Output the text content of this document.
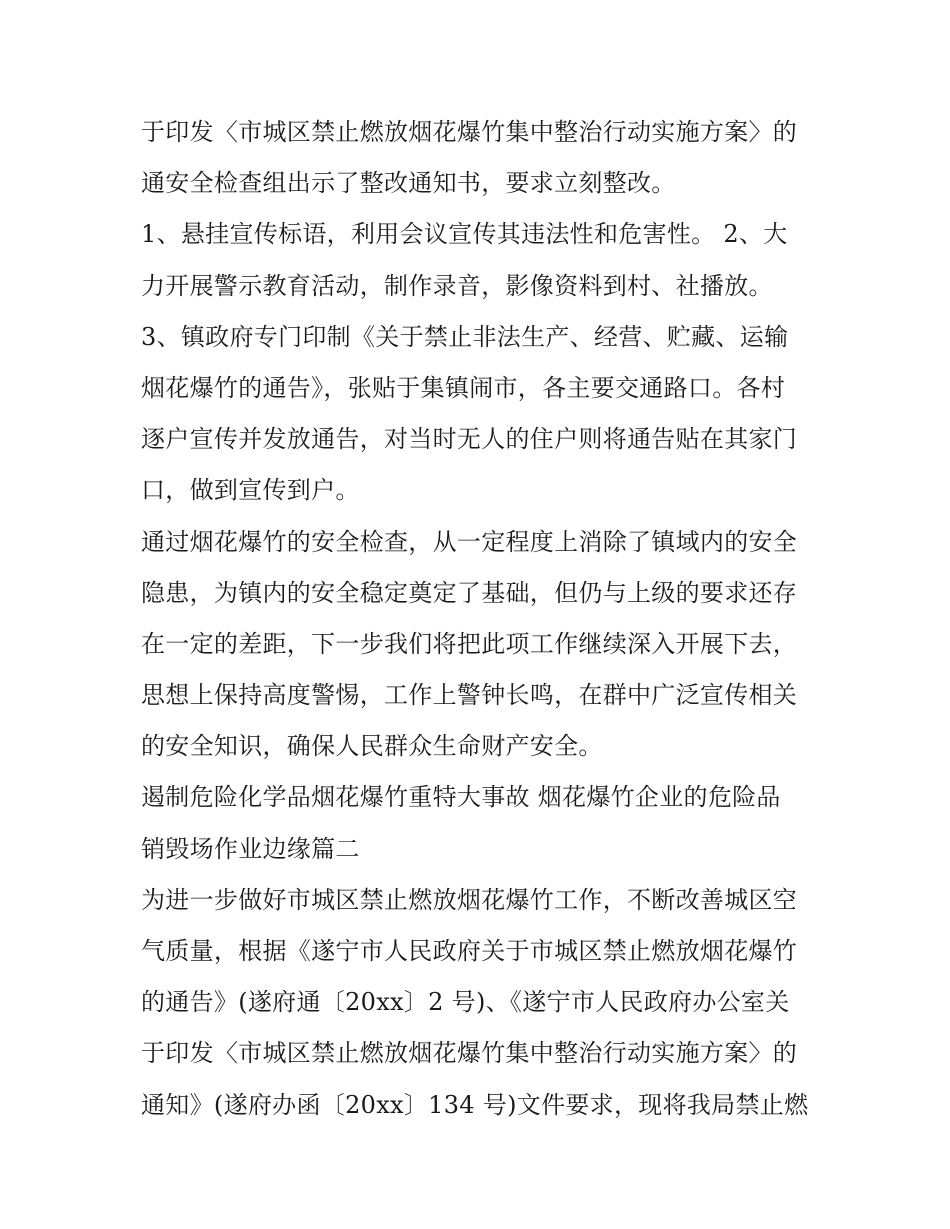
于印发〈市城区禁止燃放烟花爆竹集中整治行动实施方案〉的
通安全检查组出示了整改通知书，要求立刻整改。
1、悬挂宣传标语，利用会议宣传其违法性和危害性。 2、大
力开展警示教育活动，制作录音，影像资料到村、社播放。
3、镇政府专门印制《关于禁止非法生产、经营、贮藏、运输
烟花爆竹的通告》，张贴于集镇闹市，各主要交通路口。各村
逐户宣传并发放通告，对当时无人的住户则将通告贴在其家门
口，做到宣传到户。
通过烟花爆竹的安全检查，从一定程度上消除了镇域内的安全
隐患，为镇内的安全稳定奠定了基础，但仍与上级的要求还存
在一定的差距，下一步我们将把此项工作继续深入开展下去，
思想上保持高度警惕，工作上警钟长鸣，在群中广泛宣传相关
的安全知识，确保人民群众生命财产安全。
遏制危险化学品烟花爆竹重特大事故 烟花爆竹企业的危险品
销毁场作业边缘篇二
为进一步做好市城区禁止燃放烟花爆竹工作，不断改善城区空
气质量，根据《遂宁市人民政府关于市城区禁止燃放烟花爆竹
的通告》(遂府通〔20xx〕2 号)、《遂宁市人民政府办公室关
于印发〈市城区禁止燃放烟花爆竹集中整治行动实施方案〉的
通知》(遂府办函〔20xx〕134 号)文件要求，现将我局禁止燃
